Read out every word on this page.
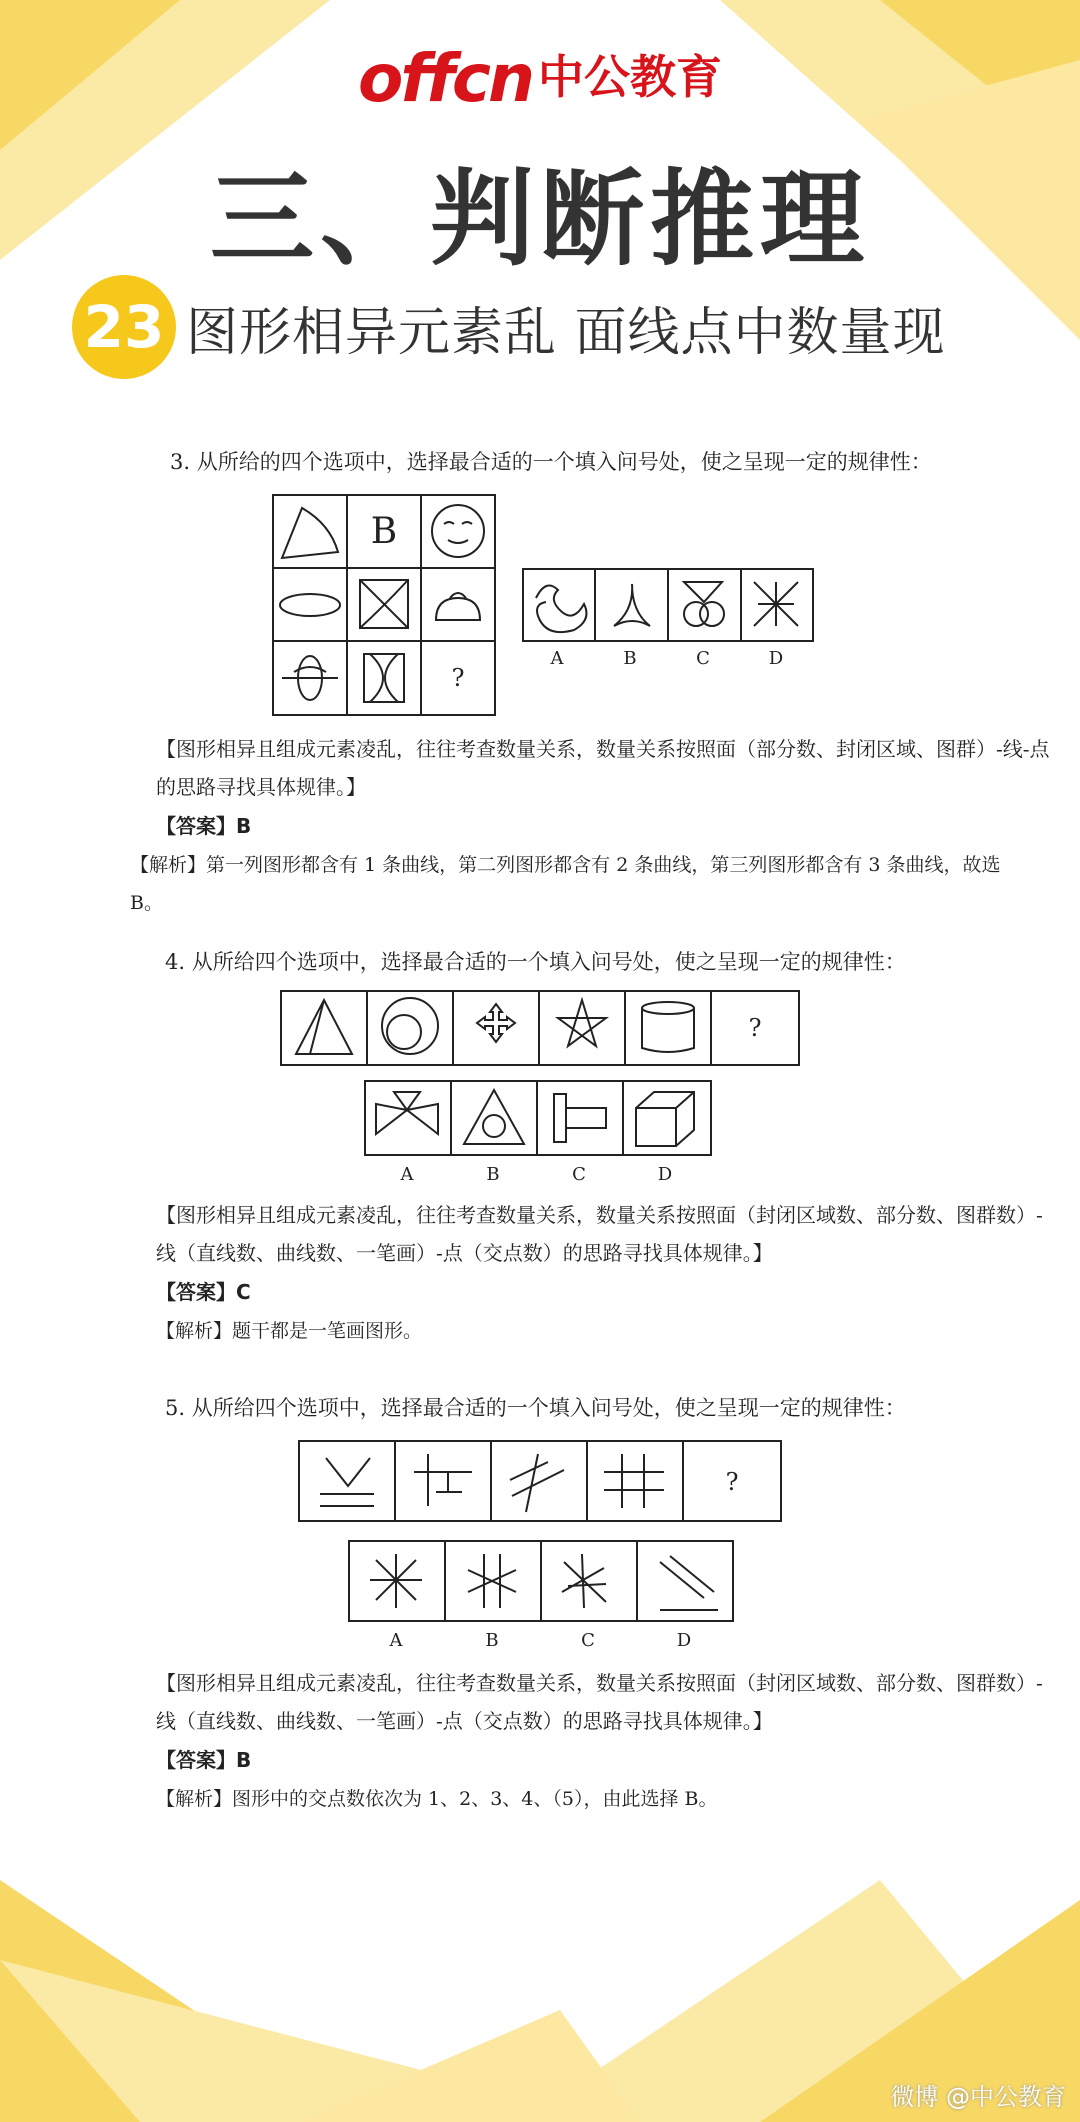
offcn 中公教育
三、判断推理
23 图形相异元素乱 面线点中数量现
3. 从所给的四个选项中，选择最合适的一个填入问号处，使之呈现一定的规律性：
?
B
A	B	C	D
【图形相异且组成元素凌乱，往往考查数量关系，数量关系按照面（部分数、封闭区域、图群）-线-点的思路寻找具体规律。】
【答案】B
【解析】第一列图形都含有 1 条曲线，第二列图形都含有 2 条曲线，第三列图形都含有 3 条曲线，故选 B。
4. 从所给四个选项中，选择最合适的一个填入问号处，使之呈现一定的规律性：
?
A	B	C	D
【图形相异且组成元素凌乱，往往考查数量关系，数量关系按照面（封闭区域数、部分数、图群数）-线（直线数、曲线数、一笔画）-点（交点数）的思路寻找具体规律。】
【答案】C
【解析】题干都是一笔画图形。
5. 从所给四个选项中，选择最合适的一个填入问号处，使之呈现一定的规律性：
?
A	B	C	D
【图形相异且组成元素凌乱，往往考查数量关系，数量关系按照面（封闭区域数、部分数、图群数）-线（直线数、曲线数、一笔画）-点（交点数）的思路寻找具体规律。】
【答案】B
【解析】图形中的交点数依次为 1、2、3、4、（5），由此选择 B。
微博 @中公教育
